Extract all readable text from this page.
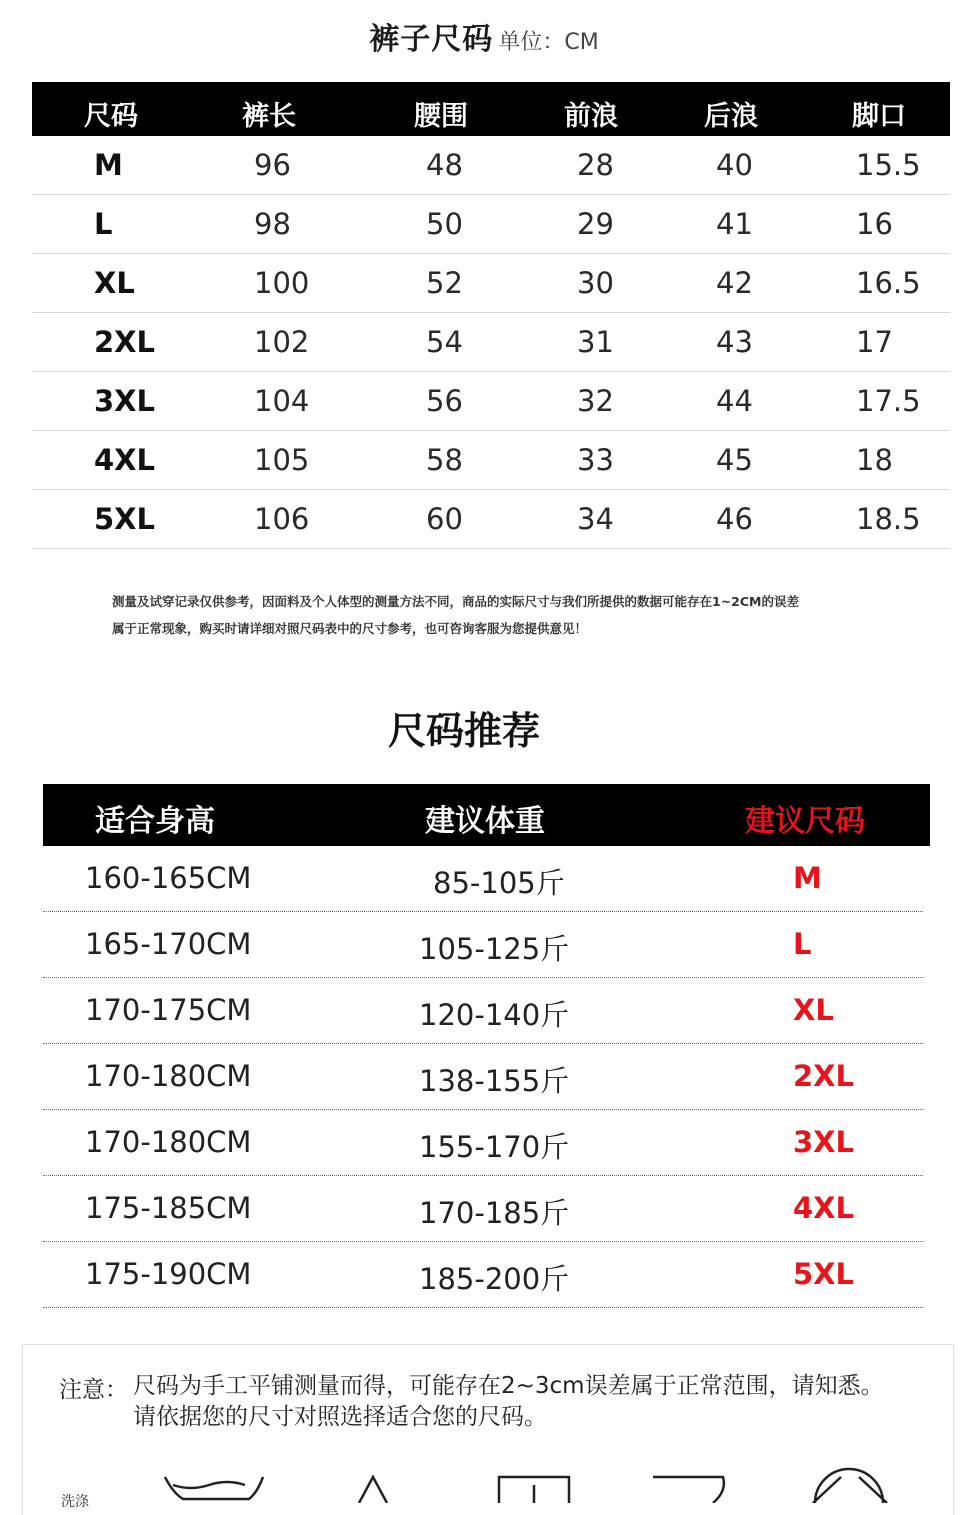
裤子尺码 单位：CM
尺码	裤长	腰围	前浪	后浪	脚口
M	96	48	28	40	15.5
L	98	50	29	41	16
XL	100	52	30	42	16.5
2XL	102	54	31	43	17
3XL	104	56	32	44	17.5
4XL	105	58	33	45	18
5XL	106	60	34	46	18.5
测量及试穿记录仅供参考，因面料及个人体型的测量方法不同，商品的实际尺寸与我们所提供的数据可能存在1~2CM的误差
属于正常现象，购买时请详细对照尺码表中的尺寸参考，也可咨询客服为您提供意见！
尺码推荐
适合身高	建议体重	建议尺码
160-165CM	85-105斤	M
165-170CM	105-125斤	L
170-175CM	120-140斤	XL
170-180CM	138-155斤	2XL
170-180CM	155-170斤	3XL
175-185CM	170-185斤	4XL
175-190CM	185-200斤	5XL
注意： 尺码为手工平铺测量而得，可能存在2~3cm误差属于正常范围，请知悉。
请依据您的尺寸对照选择适合您的尺码。
洗涤
